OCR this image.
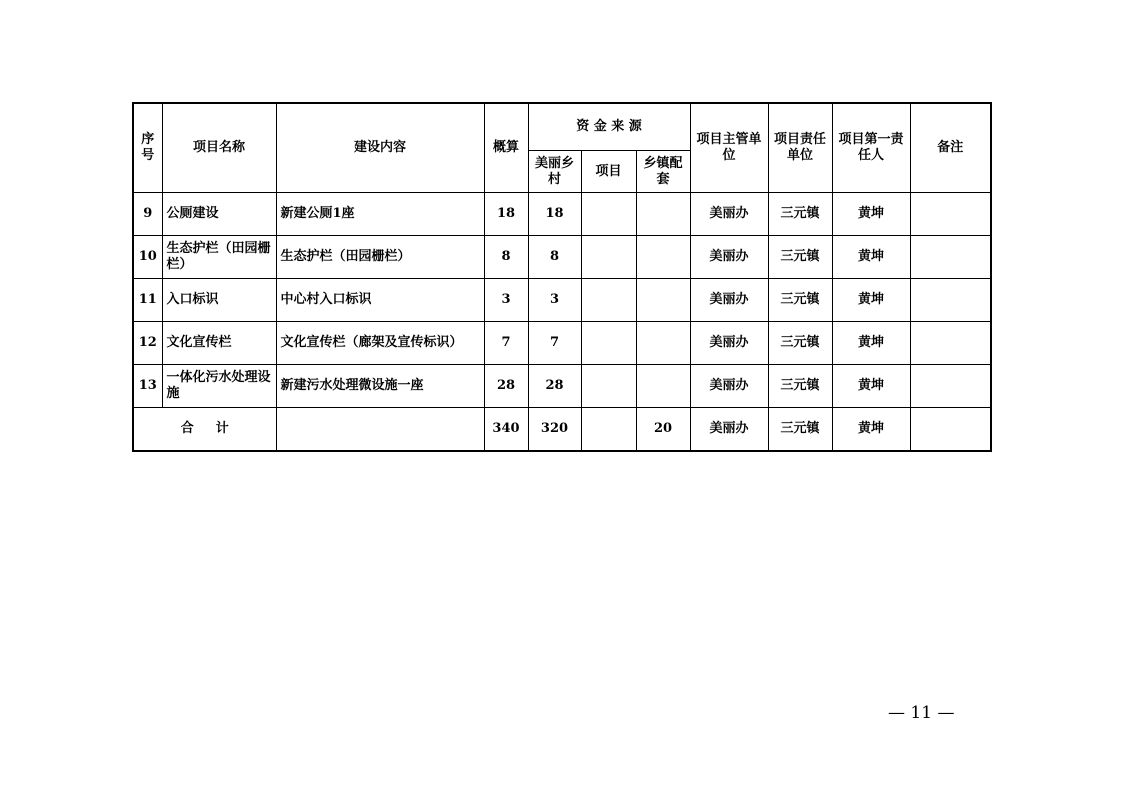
序号	项目名称	建设内容	概算	资 金 来 源			项目主管单位	项目责任单位	项目第一责任人	备注
				美丽乡村	项目	乡镇配套				
9	公厕建设	新建公厕1座	18	18			美丽办	三元镇	黄坤	
10	生态护栏（田园栅栏）	生态护栏（田园栅栏）	8	8			美丽办	三元镇	黄坤	
11	入口标识	中心村入口标识	3	3			美丽办	三元镇	黄坤	
12	文化宣传栏	文化宣传栏（廊架及宣传标识）	7	7			美丽办	三元镇	黄坤	
13	一体化污水处理设施	新建污水处理微设施一座	28	28			美丽办	三元镇	黄坤	
合计			340	320		20	美丽办	三元镇	黄坤	
— 11 —
